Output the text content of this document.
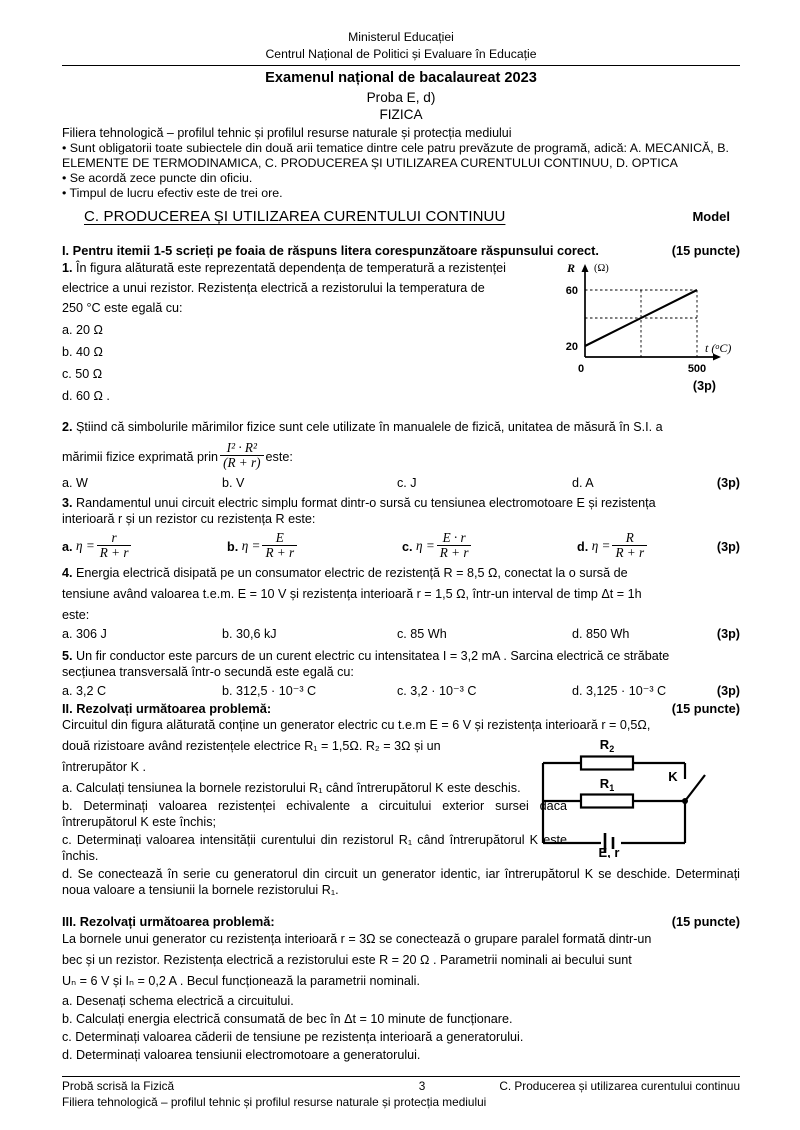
Ministerul Educației
Centrul Național de Politici și Evaluare în Educație
Examenul național de bacalaureat 2023
Proba E, d)
FIZICA
Filiera tehnologică – profilul tehnic și profilul resurse naturale și protecția mediului
• Sunt obligatorii toate subiectele din două arii tematice dintre cele patru prevăzute de programă, adică: A. MECANICĂ, B. ELEMENTE DE TERMODINAMICA, C. PRODUCEREA ȘI UTILIZAREA CURENTULUI CONTINUU, D. OPTICA
• Se acordă zece puncte din oficiu.
• Timpul de lucru efectiv este de trei ore.
C. PRODUCEREA ȘI UTILIZAREA CURENTULUI CONTINUU	Model
I. Pentru itemii 1-5 scrieți pe foaia de răspuns litera corespunzătoare răspunsului corect.	(15 puncte)
1. În figura alăturată este reprezentată dependența de temperatură a rezistenței
electrice a unui rezistor. Rezistența electrică a rezistorului la temperatura de
250 °C este egală cu:
a. 20 Ω
b. 40 Ω
c. 50 Ω
d. 60 Ω .
60
20
500
0
R (Ω)
t ($^o$C)
(3p)
2. Știind că simbolurile mărimilor fizice sunt cele utilizate în manualele de fizică, unitatea de măsură în S.I. a
mărimii fizice exprimată prin $\frac{\text{I² · R²}}{(R + r)}$ este:
a. W	b. V	c. J	d. A	(3p)
3. Randamentul unui circuit electric simplu format dintr-o sursă cu tensiunea electromotoare E și rezistența
interioară r și un rezistor cu rezistența R este:
a.
$\eta = \frac{r}{R + r}$	b.
$\eta = \frac{E}{R + r}$	c.
$\eta = \frac{E \cdot r}{R + r}$	d.
$\eta = \frac{R}{R + r}$	(3p)
4. Energia electrică disipată pe un consumator electric de rezistență R = 8,5 Ω, conectat la o sursă de
tensiune având valoarea t.e.m. E = 10 V și rezistența interioară r = 1,5 Ω, într-un interval de timp Δt = 1h
este:
a. 306 J	b. 30,6 kJ	c. 85 Wh	d. 850 Wh	(3p)
5. Un fir conductor este parcurs de un curent electric cu intensitatea I = 3,2 mA . Sarcina electrică ce străbate
secțiunea transversală într-o secundă este egală cu:
a. 3,2 C	b. 312,5 · 10⁻³ C	c. 3,2 · 10⁻³ C	d. 3,125 · 10⁻³ C	(3p)
II. Rezolvați următoarea problemă:	(15 puncte)
Circuitul din figura alăturată conține un generator electric cu t.e.m E = 6 V și rezistența interioară r = 0,5Ω,
două rizistoare având rezistențele electrice R₁ = 1,5Ω. R₂ = 3Ω și un
întrerupător K .
a. Calculați tensiunea la bornele rezistorului R₁ când întrerupătorul K este deschis.
b. Determinați valoarea rezistenței echivalente a circuitului exterior sursei dacă întrerupătorul K este închis;
c. Determinați valoarea intensității curentului din rezistorul R₁ când întrerupătorul K este închis.
d. Se conectează în serie cu generatorul din circuit un generator identic, iar întrerupătorul K se deschide. Determinați noua valoare a tensiunii la bornele rezistorului R₁.
$R_2$
$R_1$
K
E, r
III. Rezolvați următoarea problemă:	(15 puncte)
La bornele unui generator cu rezistența interioară r = 3Ω se conectează o grupare paralel formată dintr-un
bec și un rezistor. Rezistența electrică a rezistorului este R = 20 Ω . Parametrii nominali ai becului sunt
Uₙ = 6 V și Iₙ = 0,2 A . Becul funcționează la parametrii nominali.
a. Desenați schema electrică a circuitului.
b. Calculați energia electrică consumată de bec în Δt = 10 minute de funcționare.
c. Determinați valoarea căderii de tensiune pe rezistența interioară a generatorului.
d. Determinați valoarea tensiunii electromotoare a generatorului.
Probă scrisă la Fizică	3	C. Producerea și utilizarea curentului continuu
Filiera tehnologică – profilul tehnic și profilul resurse naturale și protecția mediului
